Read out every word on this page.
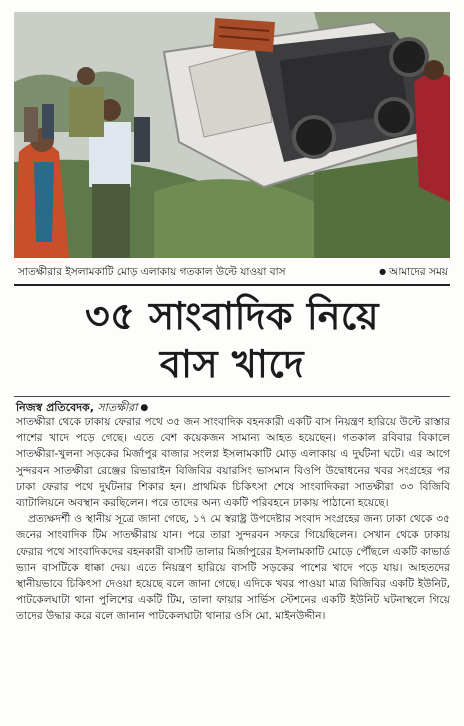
সাতক্ষীরার ইসলামকাটি মোড় এলাকায় গতকাল উল্টে যাওয়া বাস
●	আমাদের সময়
৩৫ সাংবাদিক নিয়ে
বাস খাদে
নিজস্ব প্রতিবেদক, সাতক্ষীরা ●

সাতক্ষীরা থেকে ঢাকায় ফেরার পথে ৩৫ জন সাংবাদিক বহনকারী একটি বাস নিয়ন্ত্রণ হারিয়ে উল্টে রাস্তার পাশের খাদে পড়ে গেছে। এতে বেশ কয়েকজন সামান্য আহত হয়েছেন। গতকাল রবিবার বিকালে সাতক্ষীরা-খুলনা সড়কের মির্জাপুর বাজার সংলগ্ন ইসলামকাটি মোড় এলাকায় এ দুর্ঘটনা ঘটে। এর আগে সুন্দরবন সাতক্ষীরা রেঞ্জের রিভারাইন বিজিবির বয়ারসিং ভাসমান বিওপি উদ্বোধনের খবর সংগ্রহের পর ঢাকা ফেরার পথে দুর্ঘটনার শিকার হন। প্রাথমিক চিকিৎসা শেষে সাংবাদিকরা সাতক্ষীরা ৩৩ বিজিবি ব্যাটালিয়নে অবস্থান করছিলেন। পরে তাদের অন্য একটি পরিবহনে ঢাকায় পাঠানো হয়েছে।

প্রত্যক্ষদর্শী ও স্থানীয় সূত্রে জানা গেছে, ১৭ মে স্বরাষ্ট্র উপদেষ্টার সংবাদ সংগ্রহের জন্য ঢাকা থেকে ৩৫ জনের সাংবাদিক টিম সাতক্ষীরায় যান। পরে তারা সুন্দরবন সফরে গিয়েছিলেন। সেখান থেকে ঢাকায় ফেরার পথে সাংবাদিকদের বহনকারী বাসটি তালার মির্জাপুরের ইসলামকাটি মোড়ে পৌঁছলে একটি কাভার্ড ভ্যান বাসটিকে ধাক্কা দেয়। এতে নিয়ন্ত্রণ হারিয়ে বাসটি সড়কের পাশের খাদে পড়ে যায়। আহতদের স্থানীয়ভাবে চিকিৎসা দেওয়া হয়েছে বলে জানা গেছে। এদিকে খবর পাওয়া মাত্র বিজিবির একটি ইউনিট, পাটকেলঘাটা থানা পুলিশের একটি টিম, তালা ফায়ার সার্ভিস স্টেশনের একটি ইউনিট ঘটনাস্থলে গিয়ে তাদের উদ্ধার করে বলে জানান পাটকেলঘাটা থানার ওসি মো. মাইনউদ্দীন।
